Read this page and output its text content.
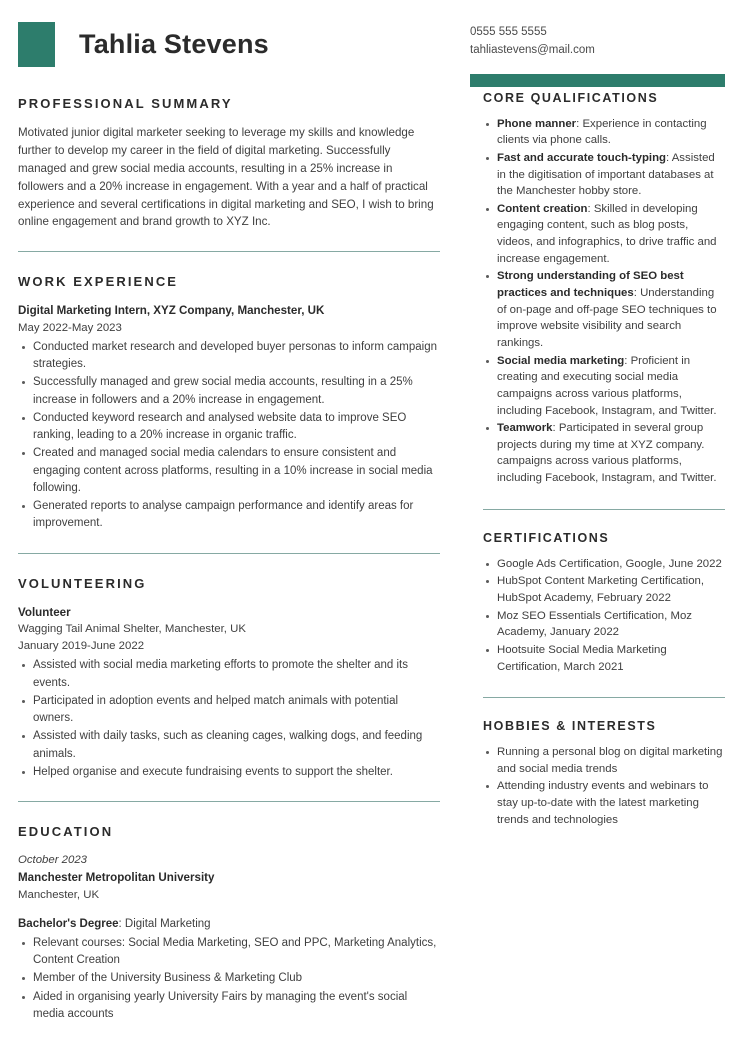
Tahlia Stevens	0555 555 5555
tahliastevens@mail.com
PROFESSIONAL SUMMARY

Motivated junior digital marketer seeking to leverage my skills and knowledge further to develop my career in the field of digital marketing. Successfully managed and grew social media accounts, resulting in a 25% increase in followers and a 20% increase in engagement. With a year and a half of practical experience and several certifications in digital marketing and SEO, I wish to bring online engagement and brand growth to XYZ Inc.

WORK EXPERIENCE
Digital Marketing Intern, XYZ Company, Manchester, UK
May 2022-May 2023
Conducted market research and developed buyer personas to inform campaign strategies.
Successfully managed and grew social media accounts, resulting in a 25% increase in followers and a 20% increase in engagement.
Conducted keyword research and analysed website data to improve SEO ranking, leading to a 20% increase in organic traffic.
Created and managed social media calendars to ensure consistent and engaging content across platforms, resulting in a 10% increase in social media following.
Generated reports to analyse campaign performance and identify areas for improvement.
VOLUNTEERING
Volunteer
Wagging Tail Animal Shelter, Manchester, UK
January 2019-June 2022
Assisted with social media marketing efforts to promote the shelter and its events.
Participated in adoption events and helped match animals with potential owners.
Assisted with daily tasks, such as cleaning cages, walking dogs, and feeding animals.
Helped organise and execute fundraising events to support the shelter.
EDUCATION
October 2023
Manchester Metropolitan University
Manchester, UK
Bachelor's Degree: Digital Marketing
Relevant courses: Social Media Marketing, SEO and PPC, Marketing Analytics, Content Creation
Member of the University Business & Marketing Club
Aided in organising yearly University Fairs by managing the event's social media accounts
CORE QUALIFICATIONS
Phone manner: Experience in contacting clients via phone calls.
Fast and accurate touch-typing: Assisted in the digitisation of important databases at the Manchester hobby store.
Content creation: Skilled in developing engaging content, such as blog posts, videos, and infographics, to drive traffic and increase engagement.
Strong understanding of SEO best practices and techniques: Understanding of on-page and off-page SEO techniques to improve website visibility and search rankings.
Social media marketing: Proficient in creating and executing social media campaigns across various platforms, including Facebook, Instagram, and Twitter.
Teamwork: Participated in several group projects during my time at XYZ company. campaigns across various platforms, including Facebook, Instagram, and Twitter.
CERTIFICATIONS
Google Ads Certification, Google, June 2022
HubSpot Content Marketing Certification, HubSpot Academy, February 2022
Moz SEO Essentials Certification, Moz Academy, January 2022
Hootsuite Social Media Marketing Certification, March 2021
HOBBIES & INTERESTS
Running a personal blog on digital marketing and social media trends
Attending industry events and webinars to stay up-to-date with the latest marketing trends and technologies
